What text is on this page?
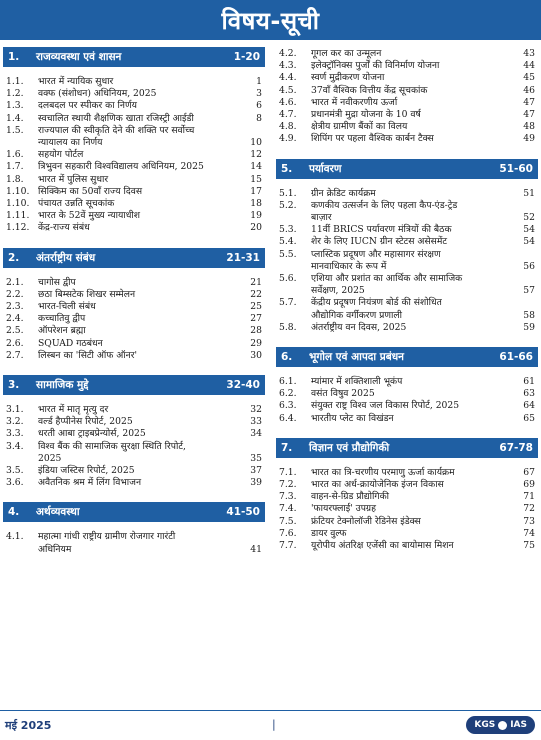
विषय-सूची
1.	राजव्यवस्था एवं शासन	1-20
1.1.	भारत में न्यायिक सुधार	1
1.2.	वक्फ (संशोधन) अधिनियम, 2025	3
1.3.	दलबदल पर स्पीकर का निर्णय	6
1.4.	स्वचालित स्थायी शैक्षणिक खाता रजिस्ट्री आईडी	8
1.5.	राज्यपाल की स्वीकृति देने की शक्ति पर सर्वोच्च
न्यायालय का निर्णय	10
1.6.	सहयोग पोर्टल	12
1.7.	त्रिभुवन सहकारी विश्वविद्यालय अधिनियम, 2025	14
1.8.	भारत में पुलिस सुधार	15
1.10. सिक्किम का 50वाँ राज्य दिवस	17
1.10. पंचायत उन्नति सूचकांक	18
1.11. भारत के 52वें मुख्य न्यायाधीश	19
1.12. केंद्र-राज्य संबंध	20
2.	अंतर्राष्ट्रीय संबंध	21-31
2.1.	चागोस द्वीप	21
2.2.	छठा बिम्सटेक शिखर सम्मेलन	22
2.3.	भारत-चिली संबंध	25
2.4.	कच्चातिवु द्वीप	27
2.5.	ऑपरेशन ब्रह्मा	28
2.6.	SQUAD गठबंधन	29
2.7.	लिस्बन का 'सिटी ऑफ ऑनर'	30
3.	सामाजिक मुद्दे	32-40
3.1.	भारत में मातृ मृत्यु दर	32
3.2.	वर्ल्ड हैप्पीनेस रिपोर्ट, 2025	33
3.3.	धरती आबा ट्राइबप्रेन्योर्स, 2025	34
3.4.	विश्व बैंक की सामाजिक सुरक्षा स्थिति रिपोर्ट,
2025	35
3.5.	इंडिया जस्टिस रिपोर्ट, 2025	37
3.6.	अवैतनिक श्रम में लिंग विभाजन	39
4.	अर्थव्यवस्था	41-50
4.1.	महात्मा गांधी राष्ट्रीय ग्रामीण रोजगार गारंटी
अधिनियम	41
4.2.	गूगल कर का उन्मूलन	43
4.3.	इलेक्ट्रॉनिक्स पुर्जों की विनिर्माण योजना	44
4.4.	स्वर्ण मुद्रीकरण योजना	45
4.5.	37वाँ वैश्विक वित्तीय केंद्र सूचकांक	46
4.6.	भारत में नवीकरणीय ऊर्जा	47
4.7.	प्रधानमंत्री मुद्रा योजना के 10 वर्ष	47
4.8.	क्षेत्रीय ग्रामीण बैंकों का विलय	48
4.9.	शिपिंग पर पहला वैश्विक कार्बन टैक्स	49
5.	पर्यावरण	51-60
5.1.	ग्रीन क्रेडिट कार्यक्रम	51
5.2.	कणकीय उत्सर्जन के लिए पहला कैप-एंड-ट्रेड
बाज़ार	52
5.3.	11वीं BRICS पर्यावरण मंत्रियों की बैठक	54
5.4.	शेर के लिए IUCN ग्रीन स्टेटस असेसमेंट	54
5.5.	प्लास्टिक प्रदूषण और महासागर संरक्षण
मानवाधिकार के रूप में	56
5.6.	एशिया और प्रशांत का आर्थिक और सामाजिक
सर्वेक्षण, 2025	57
5.7.	केंद्रीय प्रदूषण नियंत्रण बोर्ड की संशोधित
औद्योगिक वर्गीकरण प्रणाली	58
5.8.	अंतर्राष्ट्रीय वन दिवस, 2025	59
6.	भूगोल एवं आपदा प्रबंधन	61-66
6.1.	म्यांमार में शक्तिशाली भूकंप	61
6.2.	वसंत विषुव 2025	63
6.3.	संयुक्त राष्ट्र विश्व जल विकास रिपोर्ट, 2025	64
6.4.	भारतीय प्लेट का विखंडन	65
7.	विज्ञान एवं प्रौद्योगिकी	67-78
7.1.	भारत का त्रि-चरणीय परमाणु ऊर्जा कार्यक्रम	67
7.2.	भारत का अर्ध-क्रायोजेनिक इंजन विकास	69
7.3.	वाहन-से-ग्रिड प्रौद्योगिकी	71
7.4.	'फायरफ्लाई' उपग्रह	72
7.5.	फ्रंटियर टेक्नोलॉजी रेडिनेस इंडेक्स	73
7.6.	डायर वुल्फ	74
7.7.	यूरोपीय अंतरिक्ष एजेंसी का बायोमास मिशन	75
मई 2025	|	KGS IAS
